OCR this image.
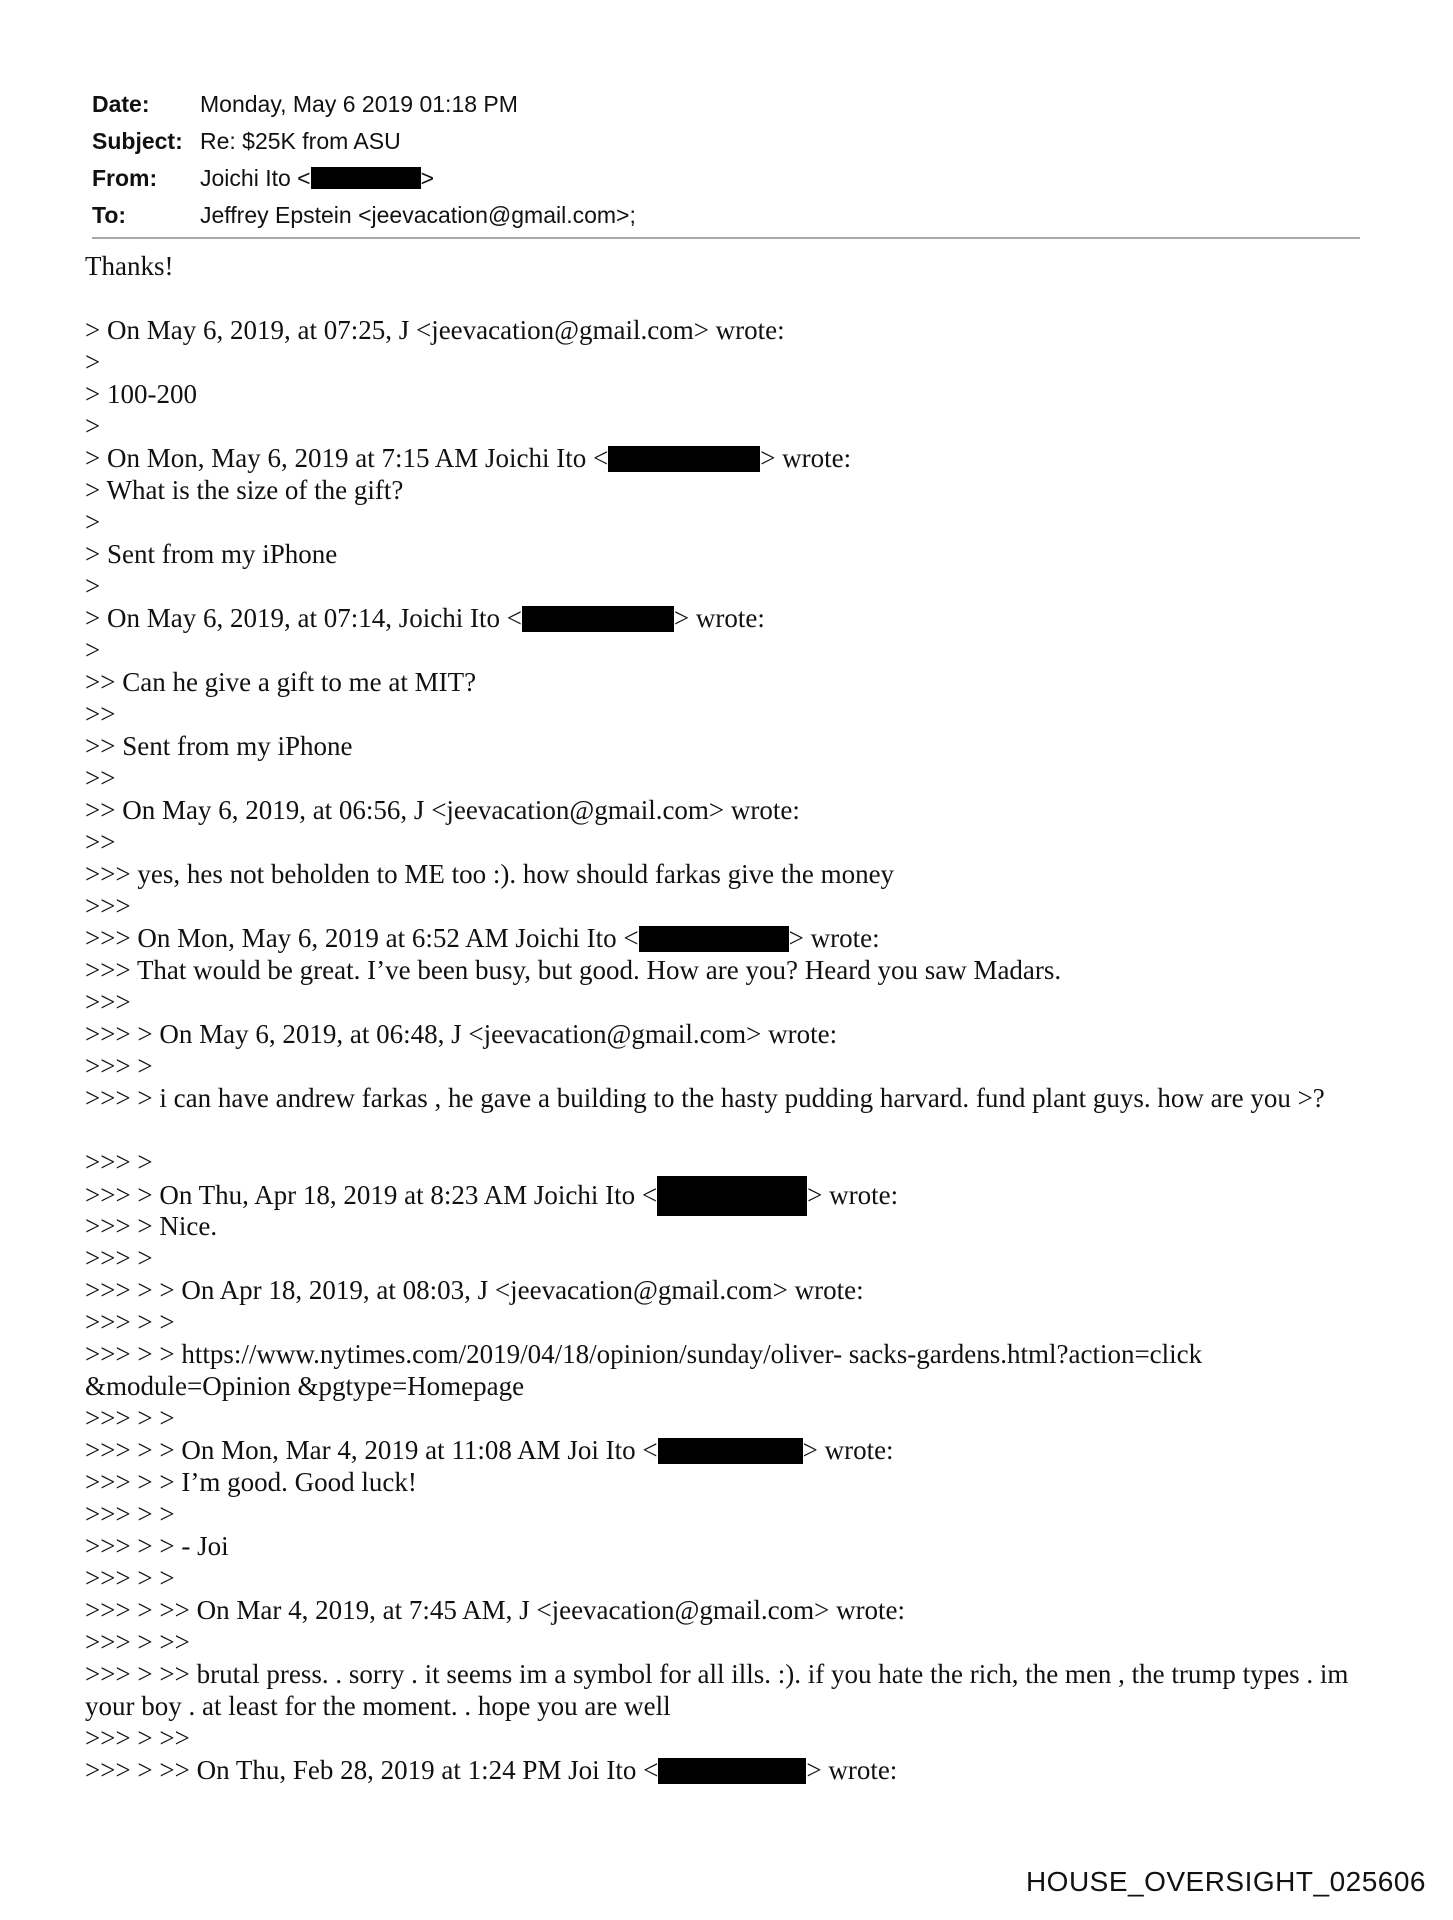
Date:	Monday, May 6 2019 01:18 PM
Subject: Re: $25K from ASU
From:	Joichi Ito <	>
To:	Jeffrey Epstein <jeevacation@gmail.com>;
Thanks!
> On May 6, 2019, at 07:25, J <jeevacation@gmail.com> wrote:
>
> 100-200
>
> On Mon, May 6, 2019 at 7:15 AM Joichi Ito <	> wrote:
> What is the size of the gift?
>
> Sent from my iPhone
>
> On May 6, 2019, at 07:14, Joichi Ito <	> wrote:
>
>> Can he give a gift to me at MIT?
>>
>> Sent from my iPhone
>>
>> On May 6, 2019, at 06:56, J <jeevacation@gmail.com> wrote:
>>
>>> yes, hes not beholden to ME too :). how should farkas give the money
>>>
>>> On Mon, May 6, 2019 at 6:52 AM Joichi Ito <	> wrote:
>>> That would be great. I’ve been busy, but good. How are you? Heard you saw Madars.
>>>
>>> > On May 6, 2019, at 06:48, J <jeevacation@gmail.com> wrote:
>>> >
>>> > i can have andrew farkas , he gave a building to the hasty pudding harvard. fund plant guys. how are you >?
>>> >
>>> > On Thu, Apr 18, 2019 at 8:23 AM Joichi Ito <	> wrote:
>>> > Nice.
>>> >
>>> > > On Apr 18, 2019, at 08:03, J <jeevacation@gmail.com> wrote:
>>> > >
>>> > > https://www.nytimes.com/2019/04/18/opinion/sunday/oliver- sacks-gardens.html?action=click &module=Opinion &pgtype=Homepage
>>> > >
>>> > > On Mon, Mar 4, 2019 at 11:08 AM Joi Ito <	> wrote:
>>> > > I’m good. Good luck!
>>> > >
>>> > > - Joi
>>> > >
>>> > >> On Mar 4, 2019, at 7:45 AM, J <jeevacation@gmail.com> wrote:
>>> > >>
>>> > >> brutal press. . sorry . it seems im a symbol for all ills. :). if you hate the rich, the men , the trump types . im your boy . at least for the moment. . hope you are well
>>> > >>
>>> > >> On Thu, Feb 28, 2019 at 1:24 PM Joi Ito <	> wrote:
HOUSE_OVERSIGHT_025606
